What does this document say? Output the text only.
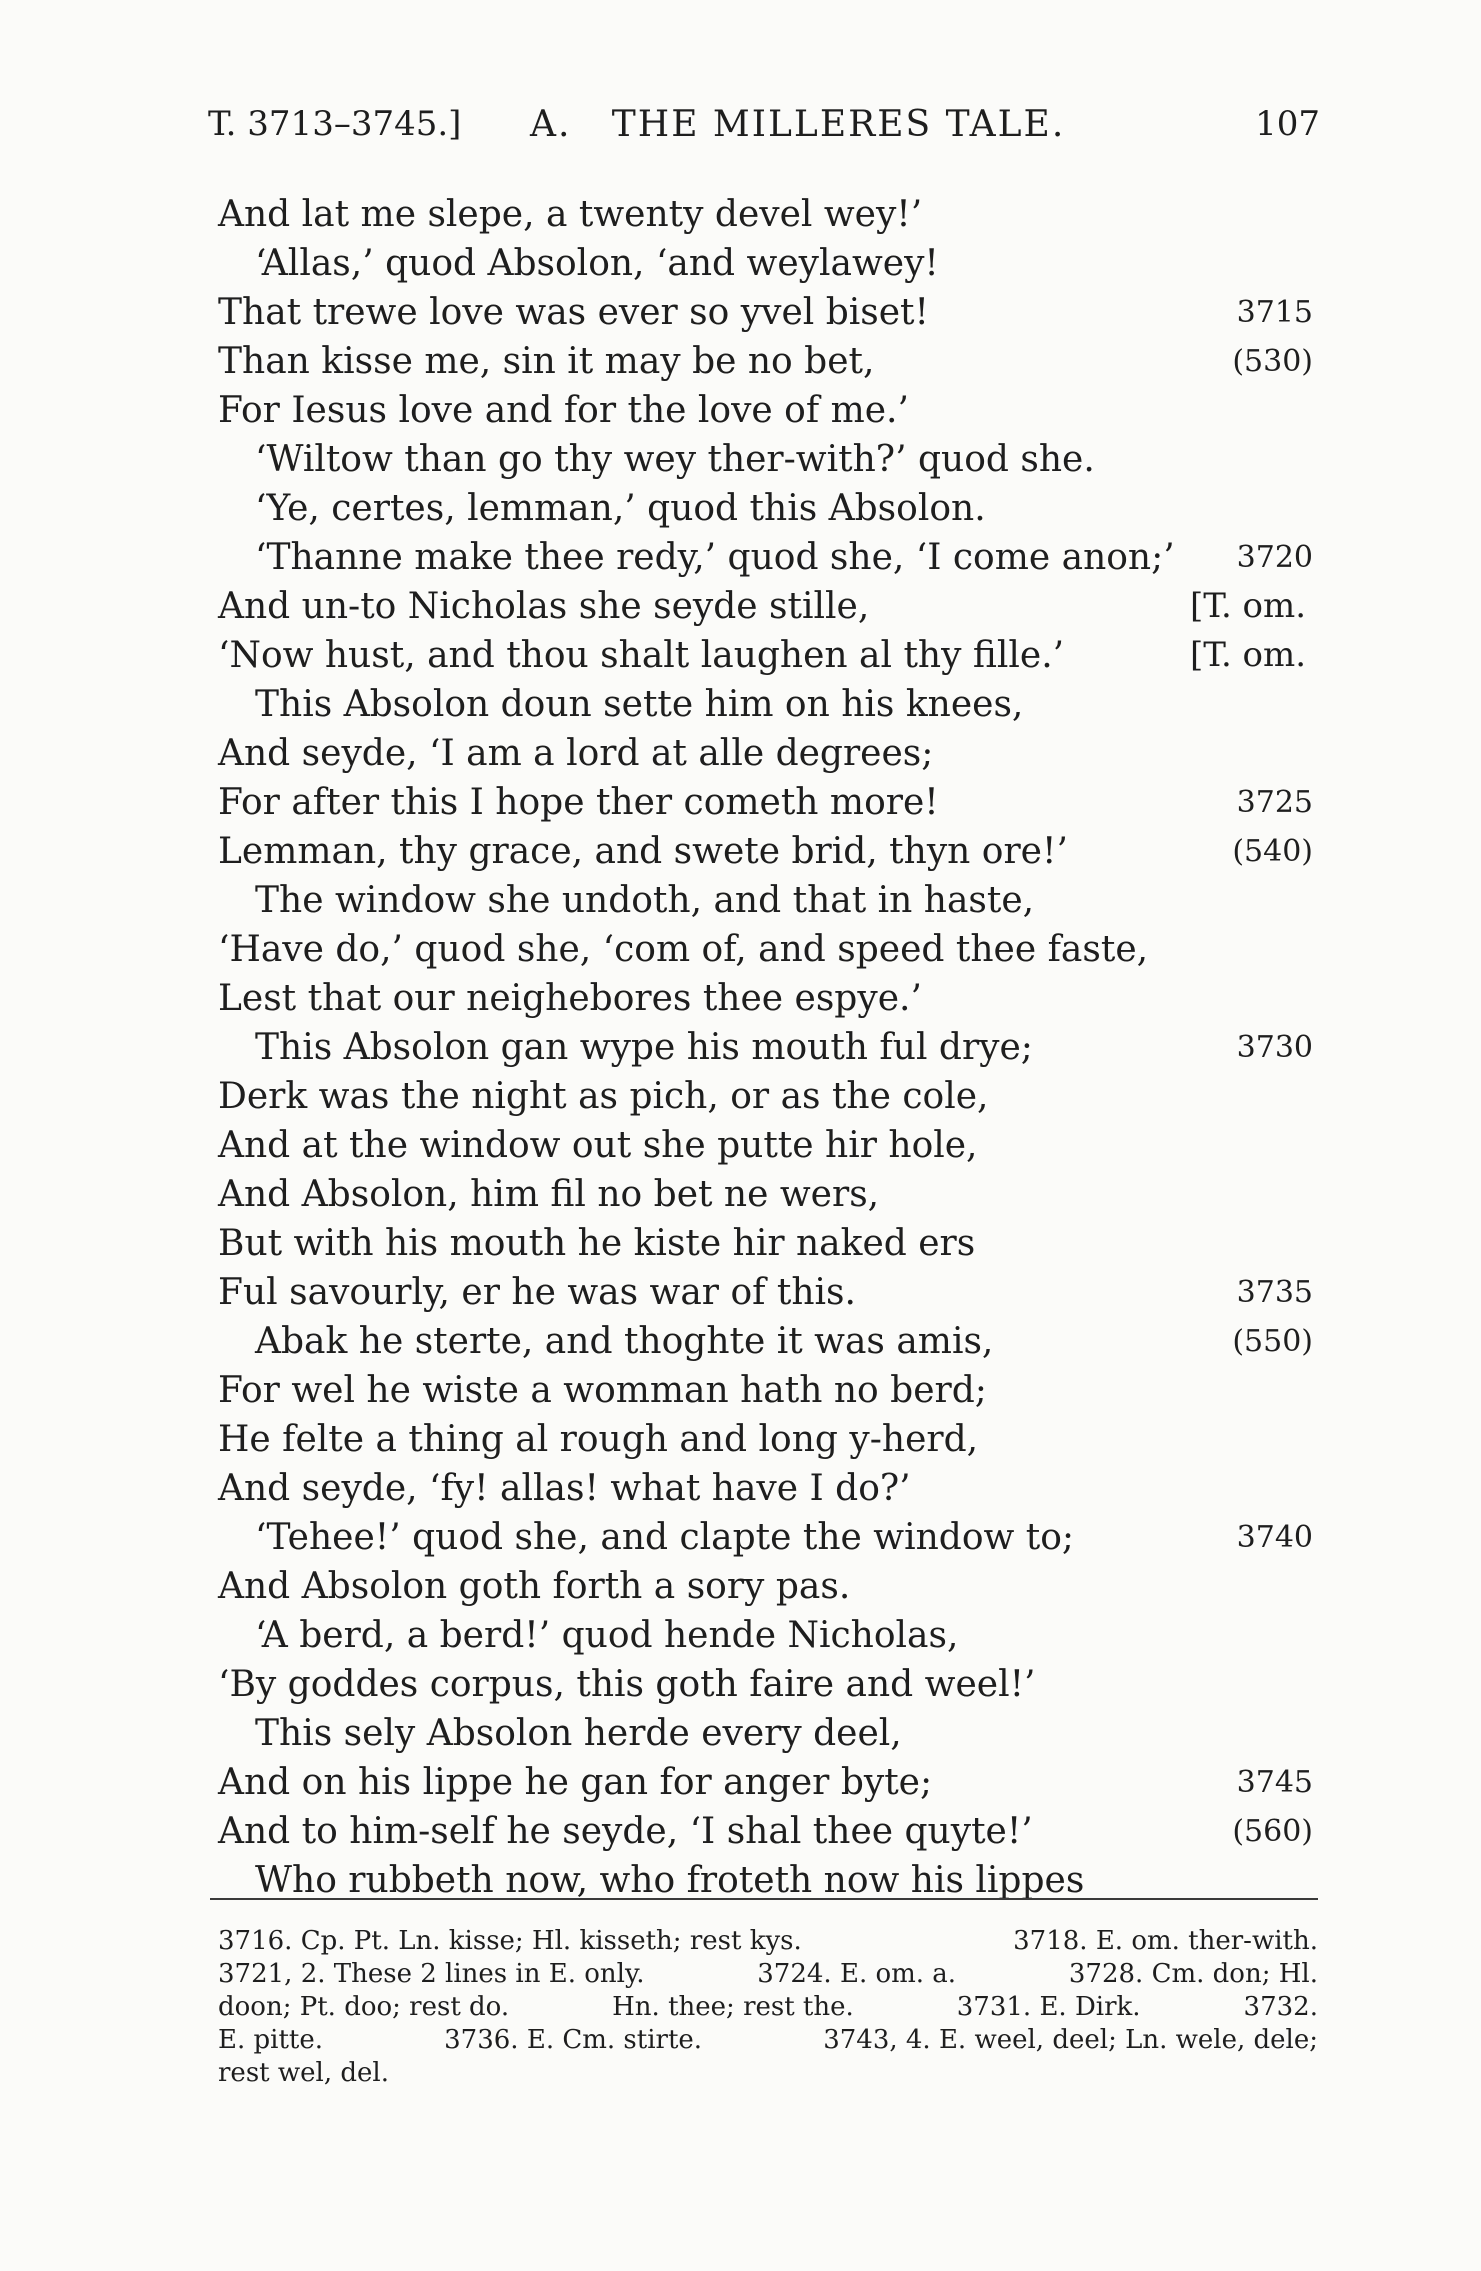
T. 3713–3745.] A. THE MILLERES TALE.	107
And lat me slepe, a twenty devel wey!’
‘Allas,’ quod Absolon, ‘and weylawey!
That trewe love was ever so yvel biset!	3715
Than kisse me, sin it may be no bet,	(530)
For Iesus love and for the love of me.’
‘Wiltow than go thy wey ther-with?’ quod she.
‘Ye, certes, lemman,’ quod this Absolon.
‘Thanne make thee redy,’ quod she, ‘I come anon;’ 3720
And un-to Nicholas she seyde stille,	[T. om.
‘Now hust, and thou shalt laughen al thy fille.’	[T. om.
This Absolon doun sette him on his knees,
And seyde, ‘I am a lord at alle degrees;
For after this I hope ther cometh more!	3725
Lemman, thy grace, and swete brid, thyn ore!’	(540)
The window she undoth, and that in haste,
‘Have do,’ quod she, ‘com of, and speed thee faste,
Lest that our neighebores thee espye.’
This Absolon gan wype his mouth ful drye;	3730
Derk was the night as pich, or as the cole,
And at the window out she putte hir hole,
And Absolon, him fil no bet ne wers,
But with his mouth he kiste hir naked ers
Ful savourly, er he was war of this.	3735
Abak he sterte, and thoghte it was amis,	(550)
For wel he wiste a womman hath no berd;
He felte a thing al rough and long y-herd,
And seyde, ‘fy! allas! what have I do?’
‘Tehee!’ quod she, and clapte the window to;	3740
And Absolon goth forth a sory pas.
‘A berd, a berd!’ quod hende Nicholas,
‘By goddes corpus, this goth faire and weel!’
This sely Absolon herde every deel,
And on his lippe he gan for anger byte;	3745
And to him-self he seyde, ‘I shal thee quyte!’	(560)
Who rubbeth now, who froteth now his lippes
3716. Cp. Pt. Ln. kisse; Hl. kisseth; rest kys.	3718. E. om. ther-with.
3721, 2. These 2 lines in E. only.	3724. E. om. a.	3728. Cm. don; Hl.
doon; Pt. doo; rest do.	Hn. thee; rest the.	3731. E. Dirk.	3732.
E. pitte.	3736. E. Cm. stirte.	3743, 4. E. weel, deel; Ln. wele, dele;
rest wel, del.
